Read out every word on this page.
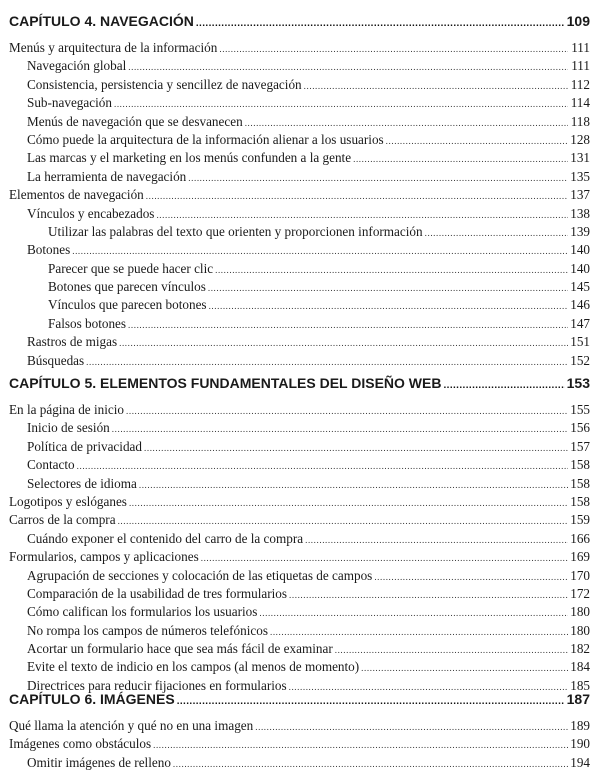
CAPÍTULO 4. NAVEGACIÓN .....	109
Menús y arquitectura de la información .....	111
Navegación global .....	111
Consistencia, persistencia y sencillez de navegación .....	112
Sub-navegación .....	114
Menús de navegación que se desvanecen .....	118
Cómo puede la arquitectura de la información alienar a los usuarios .....	128
Las marcas y el marketing en los menús confunden a la gente .....	131
La herramienta de navegación .....	135
Elementos de navegación .....	137
Vínculos y encabezados .....	138
Utilizar las palabras del texto que orienten y proporcionen información .....	139
Botones .....	140
Parecer que se puede hacer clic .....	140
Botones que parecen vínculos .....	145
Vínculos que parecen botones .....	146
Falsos botones .....	147
Rastros de migas .....	151
Búsquedas .....	152
CAPÍTULO 5. ELEMENTOS FUNDAMENTALES DEL DISEÑO WEB .....	153
En la página de inicio .....	155
Inicio de sesión .....	156
Política de privacidad .....	157
Contacto .....	158
Selectores de idioma .....	158
Logotipos y eslóganes .....	158
Carros de la compra .....	159
Cuándo exponer el contenido del carro de la compra .....	166
Formularios, campos y aplicaciones .....	169
Agrupación de secciones y colocación de las etiquetas de campos .....	170
Comparación de la usabilidad de tres formularios .....	172
Cómo califican los formularios los usuarios .....	180
No rompa los campos de números telefónicos .....	180
Acortar un formulario hace que sea más fácil de examinar .....	182
Evite el texto de indicio en los campos (al menos de momento) .....	184
Directrices para reducir fijaciones en formularios .....	185
CAPÍTULO 6. IMÁGENES .....	187
Qué llama la atención y qué no en una imagen .....	189
Imágenes como obstáculos .....	190
Omitir imágenes de relleno .....	194
